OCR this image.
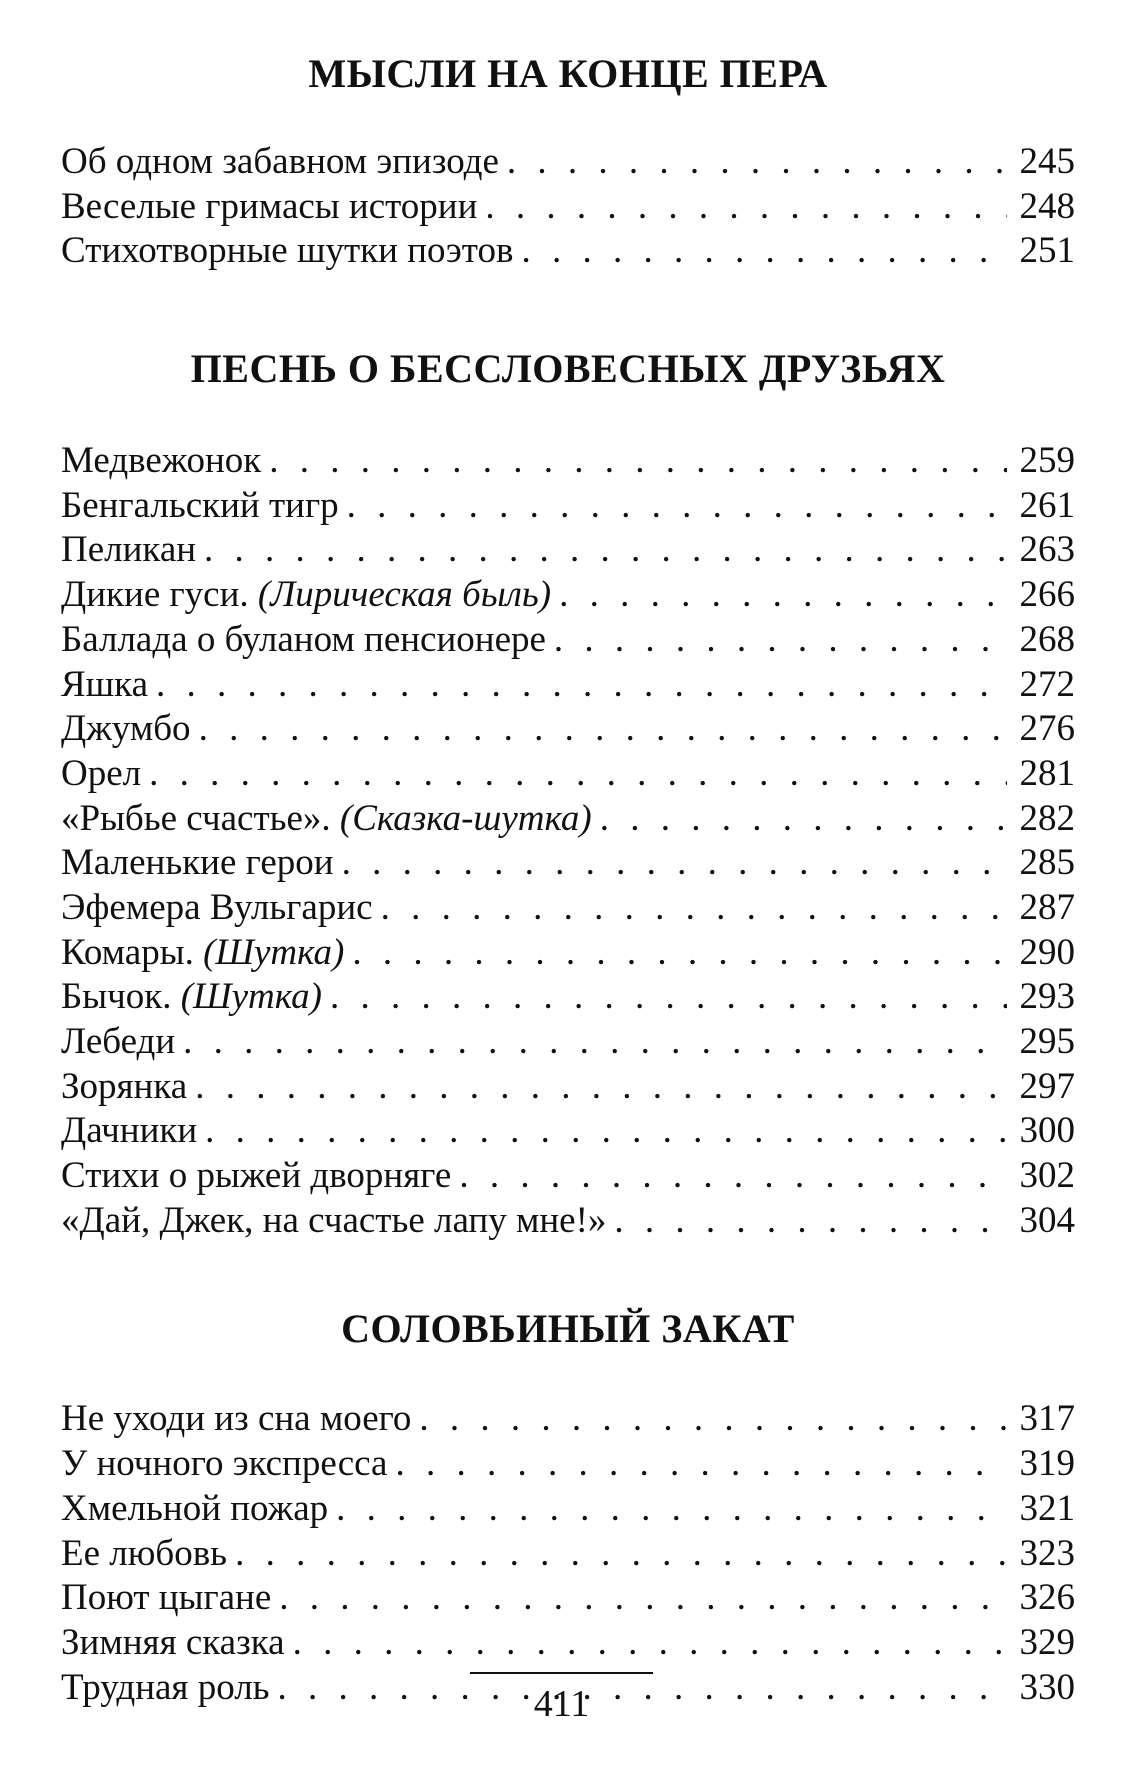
МЫСЛИ НА КОНЦЕ ПЕРА
Об одном забавном эпизоде . . .	245
Веселые гримасы истории . . .	248
Стихотворные шутки поэтов . . .	251
ПЕСНЬ О БЕССЛОВЕСНЫХ ДРУЗЬЯХ
Медвежонок . . .	259
Бенгальский тигр . . .	261
Пеликан . . .	263
Дикие гуси. (Лирическая быль) . . .	266
Баллада о буланом пенсионере . . .	268
Яшка . . .	272
Джумбо . . .	276
Орел . . .	281
«Рыбье счастье». (Сказка-шутка) . . .	282
Маленькие герои . . .	285
Эфемера Вульгарис . . .	287
Комары. (Шутка) . . .	290
Бычок. (Шутка) . . .	293
Лебеди . . .	295
Зорянка . . .	297
Дачники . . .	300
Стихи о рыжей дворняге . . .	302
«Дай, Джек, на счастье лапу мне!» . . .	304
СОЛОВЬИНЫЙ ЗАКАТ
Не уходи из сна моего . . .	317
У ночного экспресса . . .	319
Хмельной пожар . . .	321
Ее любовь . . .	323
Поют цыгане . . .	326
Зимняя сказка . . .	329
Трудная роль . . .	330
411
